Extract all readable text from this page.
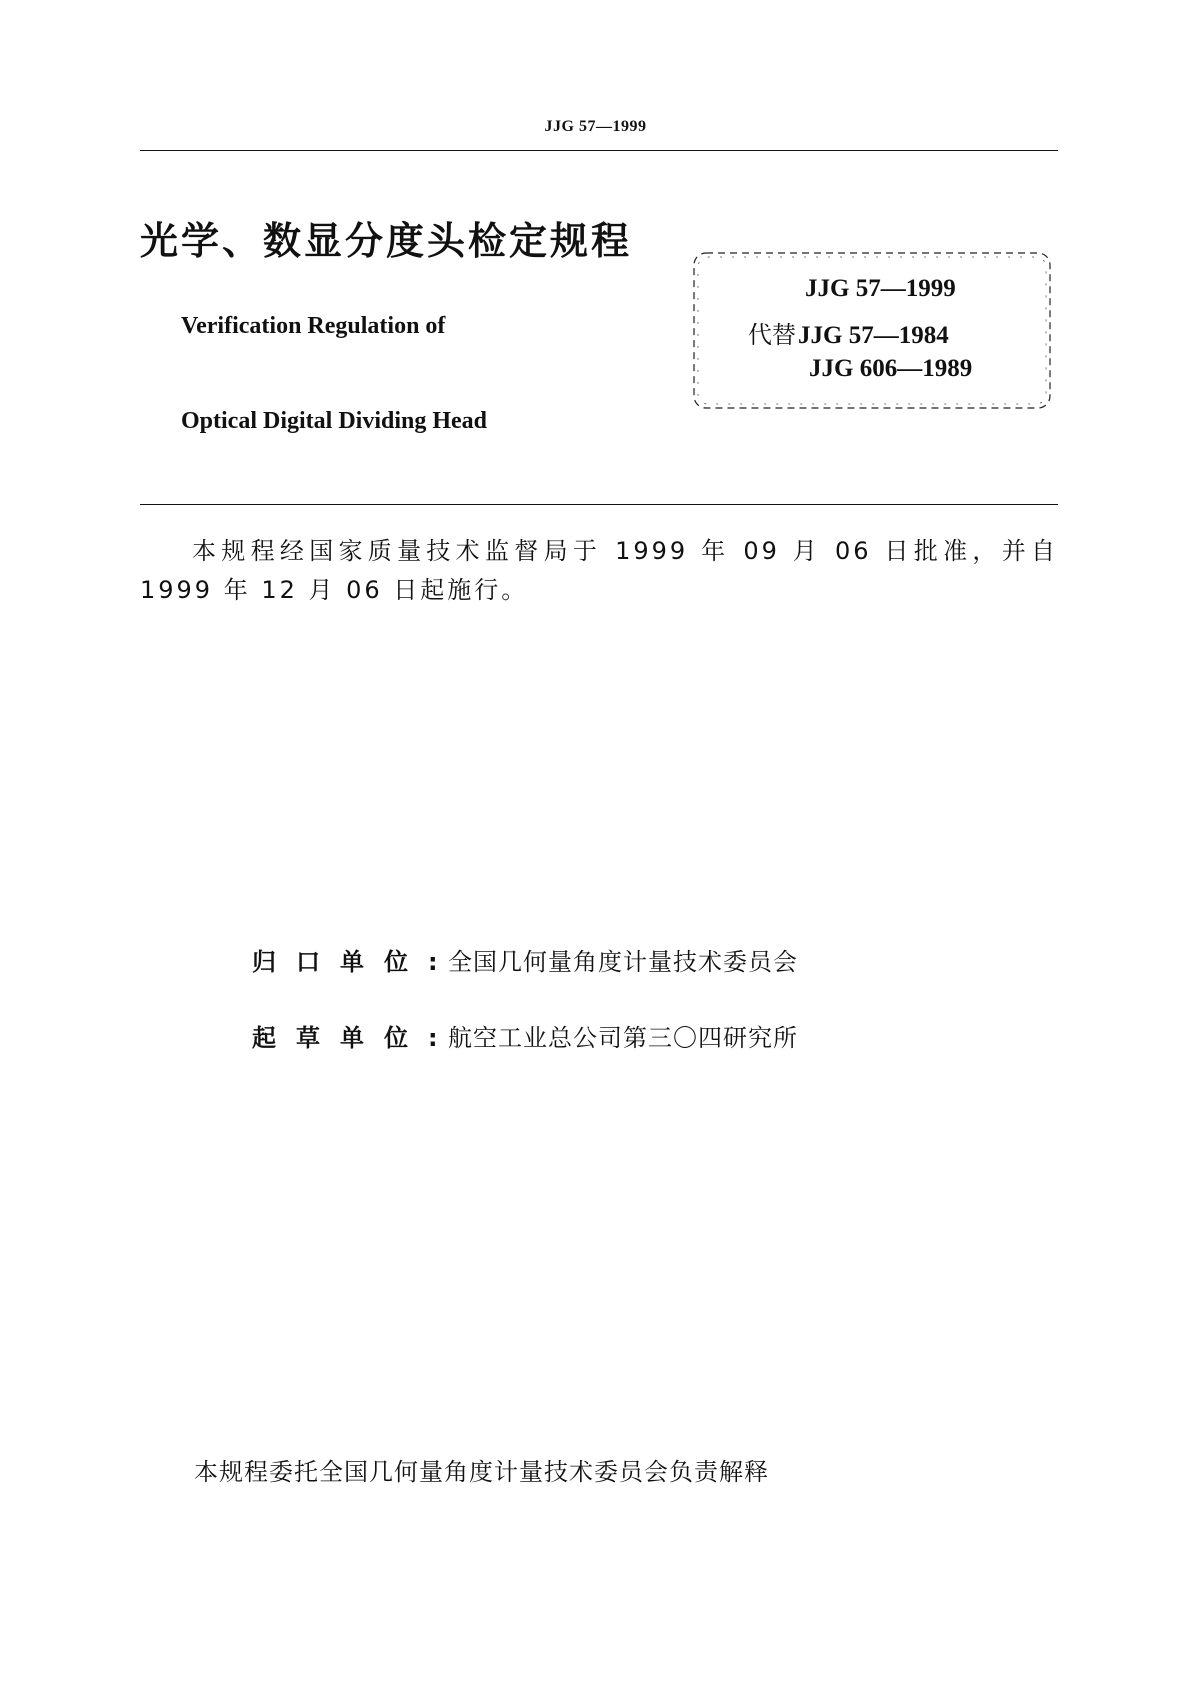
JJG 57—1999
光学、数显分度头检定规程
Verification Regulation of
Optical Digital Dividing Head
JJG 57—1999
代替JJG 57—1984
JJG 606—1989
本规程经国家质量技术监督局于 1999 年 09 月 06 日批准，并自 1999 年 12 月 06 日起施行。
归口单位:全国几何量角度计量技术委员会
起草单位:航空工业总公司第三〇四研究所
本规程委托全国几何量角度计量技术委员会负责解释
